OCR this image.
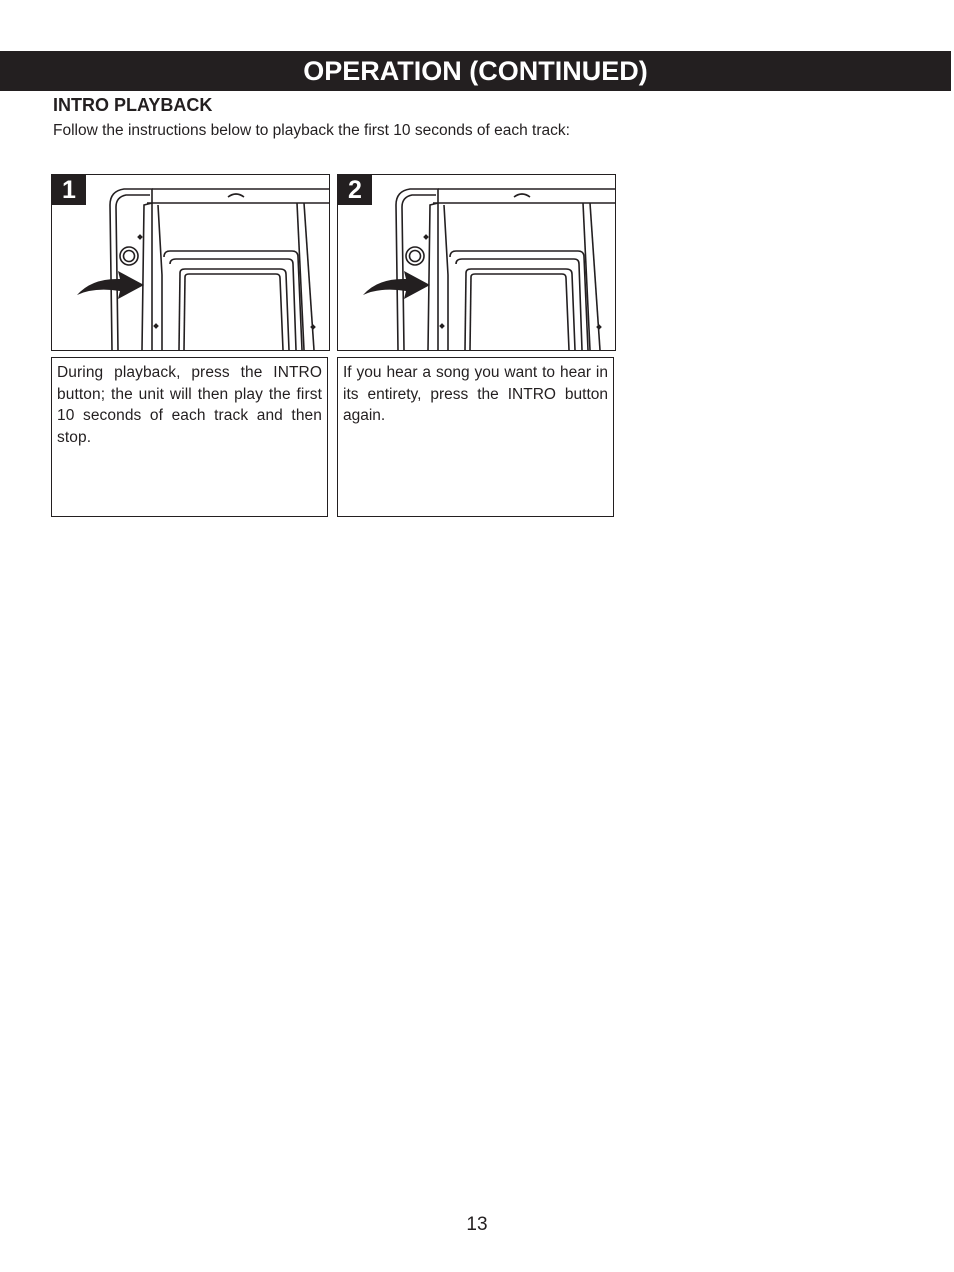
OPERATION (CONTINUED)
INTRO PLAYBACK
Follow the instructions below to playback the first 10 seconds of each track:
1	2
During playback, press the INTRO button; the unit will then play the first 10 seconds of each track and then stop.
If you hear a song you want to hear in its entirety, press the INTRO button again.
13
